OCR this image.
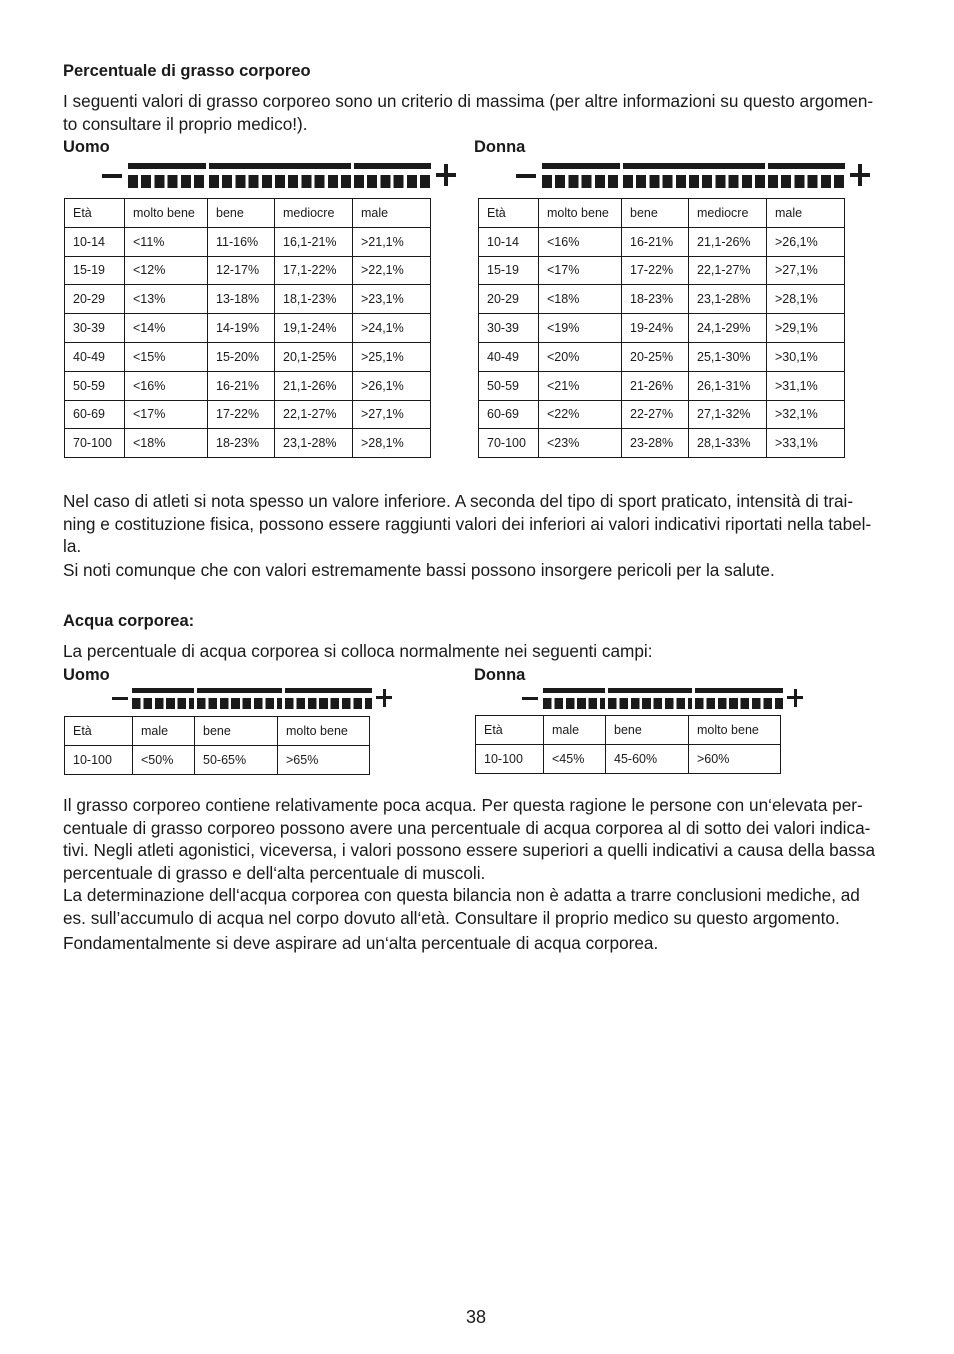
Percentuale di grasso corporeo
I seguenti valori di grasso corporeo sono un criterio di massima (per altre informazioni su questo argomen-
to consultare il proprio medico!).
Uomo	Donna
Età	molto bene	bene	mediocre	male
10-14	<11%	11-16%	16,1-21%	>21,1%
15-19	<12%	12-17%	17,1-22%	>22,1%
20-29	<13%	13-18%	18,1-23%	>23,1%
30-39	<14%	14-19%	19,1-24%	>24,1%
40-49	<15%	15-20%	20,1-25%	>25,1%
50-59	<16%	16-21%	21,1-26%	>26,1%
60-69	<17%	17-22%	22,1-27%	>27,1%
70-100	<18%	18-23%	23,1-28%	>28,1%
Età	molto bene	bene	mediocre	male
10-14	<16%	16-21%	21,1-26%	>26,1%
15-19	<17%	17-22%	22,1-27%	>27,1%
20-29	<18%	18-23%	23,1-28%	>28,1%
30-39	<19%	19-24%	24,1-29%	>29,1%
40-49	<20%	20-25%	25,1-30%	>30,1%
50-59	<21%	21-26%	26,1-31%	>31,1%
60-69	<22%	22-27%	27,1-32%	>32,1%
70-100	<23%	23-28%	28,1-33%	>33,1%
Nel caso di atleti si nota spesso un valore inferiore. A seconda del tipo di sport praticato, intensità di trai-
ning e costituzione fisica, possono essere raggiunti valori dei inferiori ai valori indicativi riportati nella tabel-
la.
Si noti comunque che con valori estremamente bassi possono insorgere pericoli per la salute.
Acqua corporea:
La percentuale di acqua corporea si colloca normalmente nei seguenti campi:
Uomo	Donna
Età	male	bene	molto bene
10-100	<50%	50-65%	>65%
Età	male	bene	molto bene
10-100	<45%	45-60%	>60%
Il grasso corporeo contiene relativamente poca acqua. Per questa ragione le persone con un‘elevata per-
centuale di grasso corporeo possono avere una percentuale di acqua corporea al di sotto dei valori indica-
tivi. Negli atleti agonistici, viceversa, i valori possono essere superiori a quelli indicativi a causa della bassa
percentuale di grasso e dell‘alta percentuale di muscoli.
La determinazione dell‘acqua corporea con questa bilancia non è adatta a trarre conclusioni mediche, ad
es. sull’accumulo di acqua nel corpo dovuto all‘età. Consultare il proprio medico su questo argomento.
Fondamentalmente si deve aspirare ad un‘alta percentuale di acqua corporea.
38
